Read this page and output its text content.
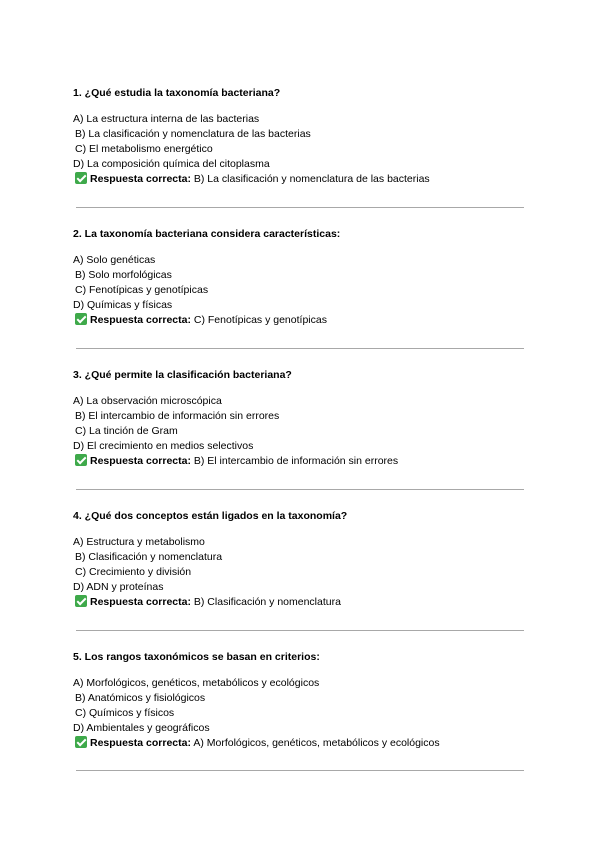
1. ¿Qué estudia la taxonomía bacteriana?
A) La estructura interna de las bacterias
B) La clasificación y nomenclatura de las bacterias
C) El metabolismo energético
D) La composición química del citoplasma
Respuesta correcta: B) La clasificación y nomenclatura de las bacterias
2. La taxonomía bacteriana considera características:
A) Solo genéticas
B) Solo morfológicas
C) Fenotípicas y genotípicas
D) Químicas y físicas
Respuesta correcta: C) Fenotípicas y genotípicas
3. ¿Qué permite la clasificación bacteriana?
A) La observación microscópica
B) El intercambio de información sin errores
C) La tinción de Gram
D) El crecimiento en medios selectivos
Respuesta correcta: B) El intercambio de información sin errores
4. ¿Qué dos conceptos están ligados en la taxonomía?
A) Estructura y metabolismo
B) Clasificación y nomenclatura
C) Crecimiento y división
D) ADN y proteínas
Respuesta correcta: B) Clasificación y nomenclatura
5. Los rangos taxonómicos se basan en criterios:
A) Morfológicos, genéticos, metabólicos y ecológicos
B) Anatómicos y fisiológicos
C) Químicos y físicos
D) Ambientales y geográficos
Respuesta correcta: A) Morfológicos, genéticos, metabólicos y ecológicos
